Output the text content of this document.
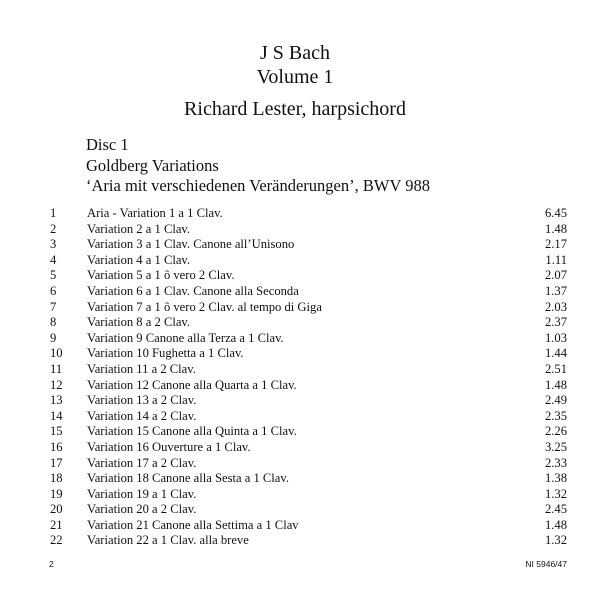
J S Bach
Volume 1
Richard Lester, harpsichord
Disc 1
Goldberg Variations
‘Aria mit verschiedenen Veränderungen’, BWV 988
1 Aria - Variation 1 a 1 Clav.	6.45
2 Variation 2 a 1 Clav.	1.48
3 Variation 3 a 1 Clav. Canone all’Unisono	2.17
4 Variation 4 a 1 Clav.	1.11
5 Variation 5 a 1 ô vero 2 Clav.	2.07
6 Variation 6 a 1 Clav. Canone alla Seconda	1.37
7 Variation 7 a 1 ô vero 2 Clav. al tempo di Giga	2.03
8 Variation 8 a 2 Clav.	2.37
9 Variation 9 Canone alla Terza a 1 Clav.	1.03
10 Variation 10 Fughetta a 1 Clav.	1.44
11 Variation 11 a 2 Clav.	2.51
12 Variation 12 Canone alla Quarta a 1 Clav.	1.48
13 Variation 13 a 2 Clav.	2.49
14 Variation 14 a 2 Clav.	2.35
15 Variation 15 Canone alla Quinta a 1 Clav.	2.26
16 Variation 16 Ouverture a 1 Clav.	3.25
17 Variation 17 a 2 Clav.	2.33
18 Variation 18 Canone alla Sesta a 1 Clav.	1.38
19 Variation 19 a 1 Clav.	1.32
20 Variation 20 a 2 Clav.	2.45
21 Variation 21 Canone alla Settima a 1 Clav	1.48
22 Variation 22 a 1 Clav. alla breve	1.32
2	NI 5946/47
